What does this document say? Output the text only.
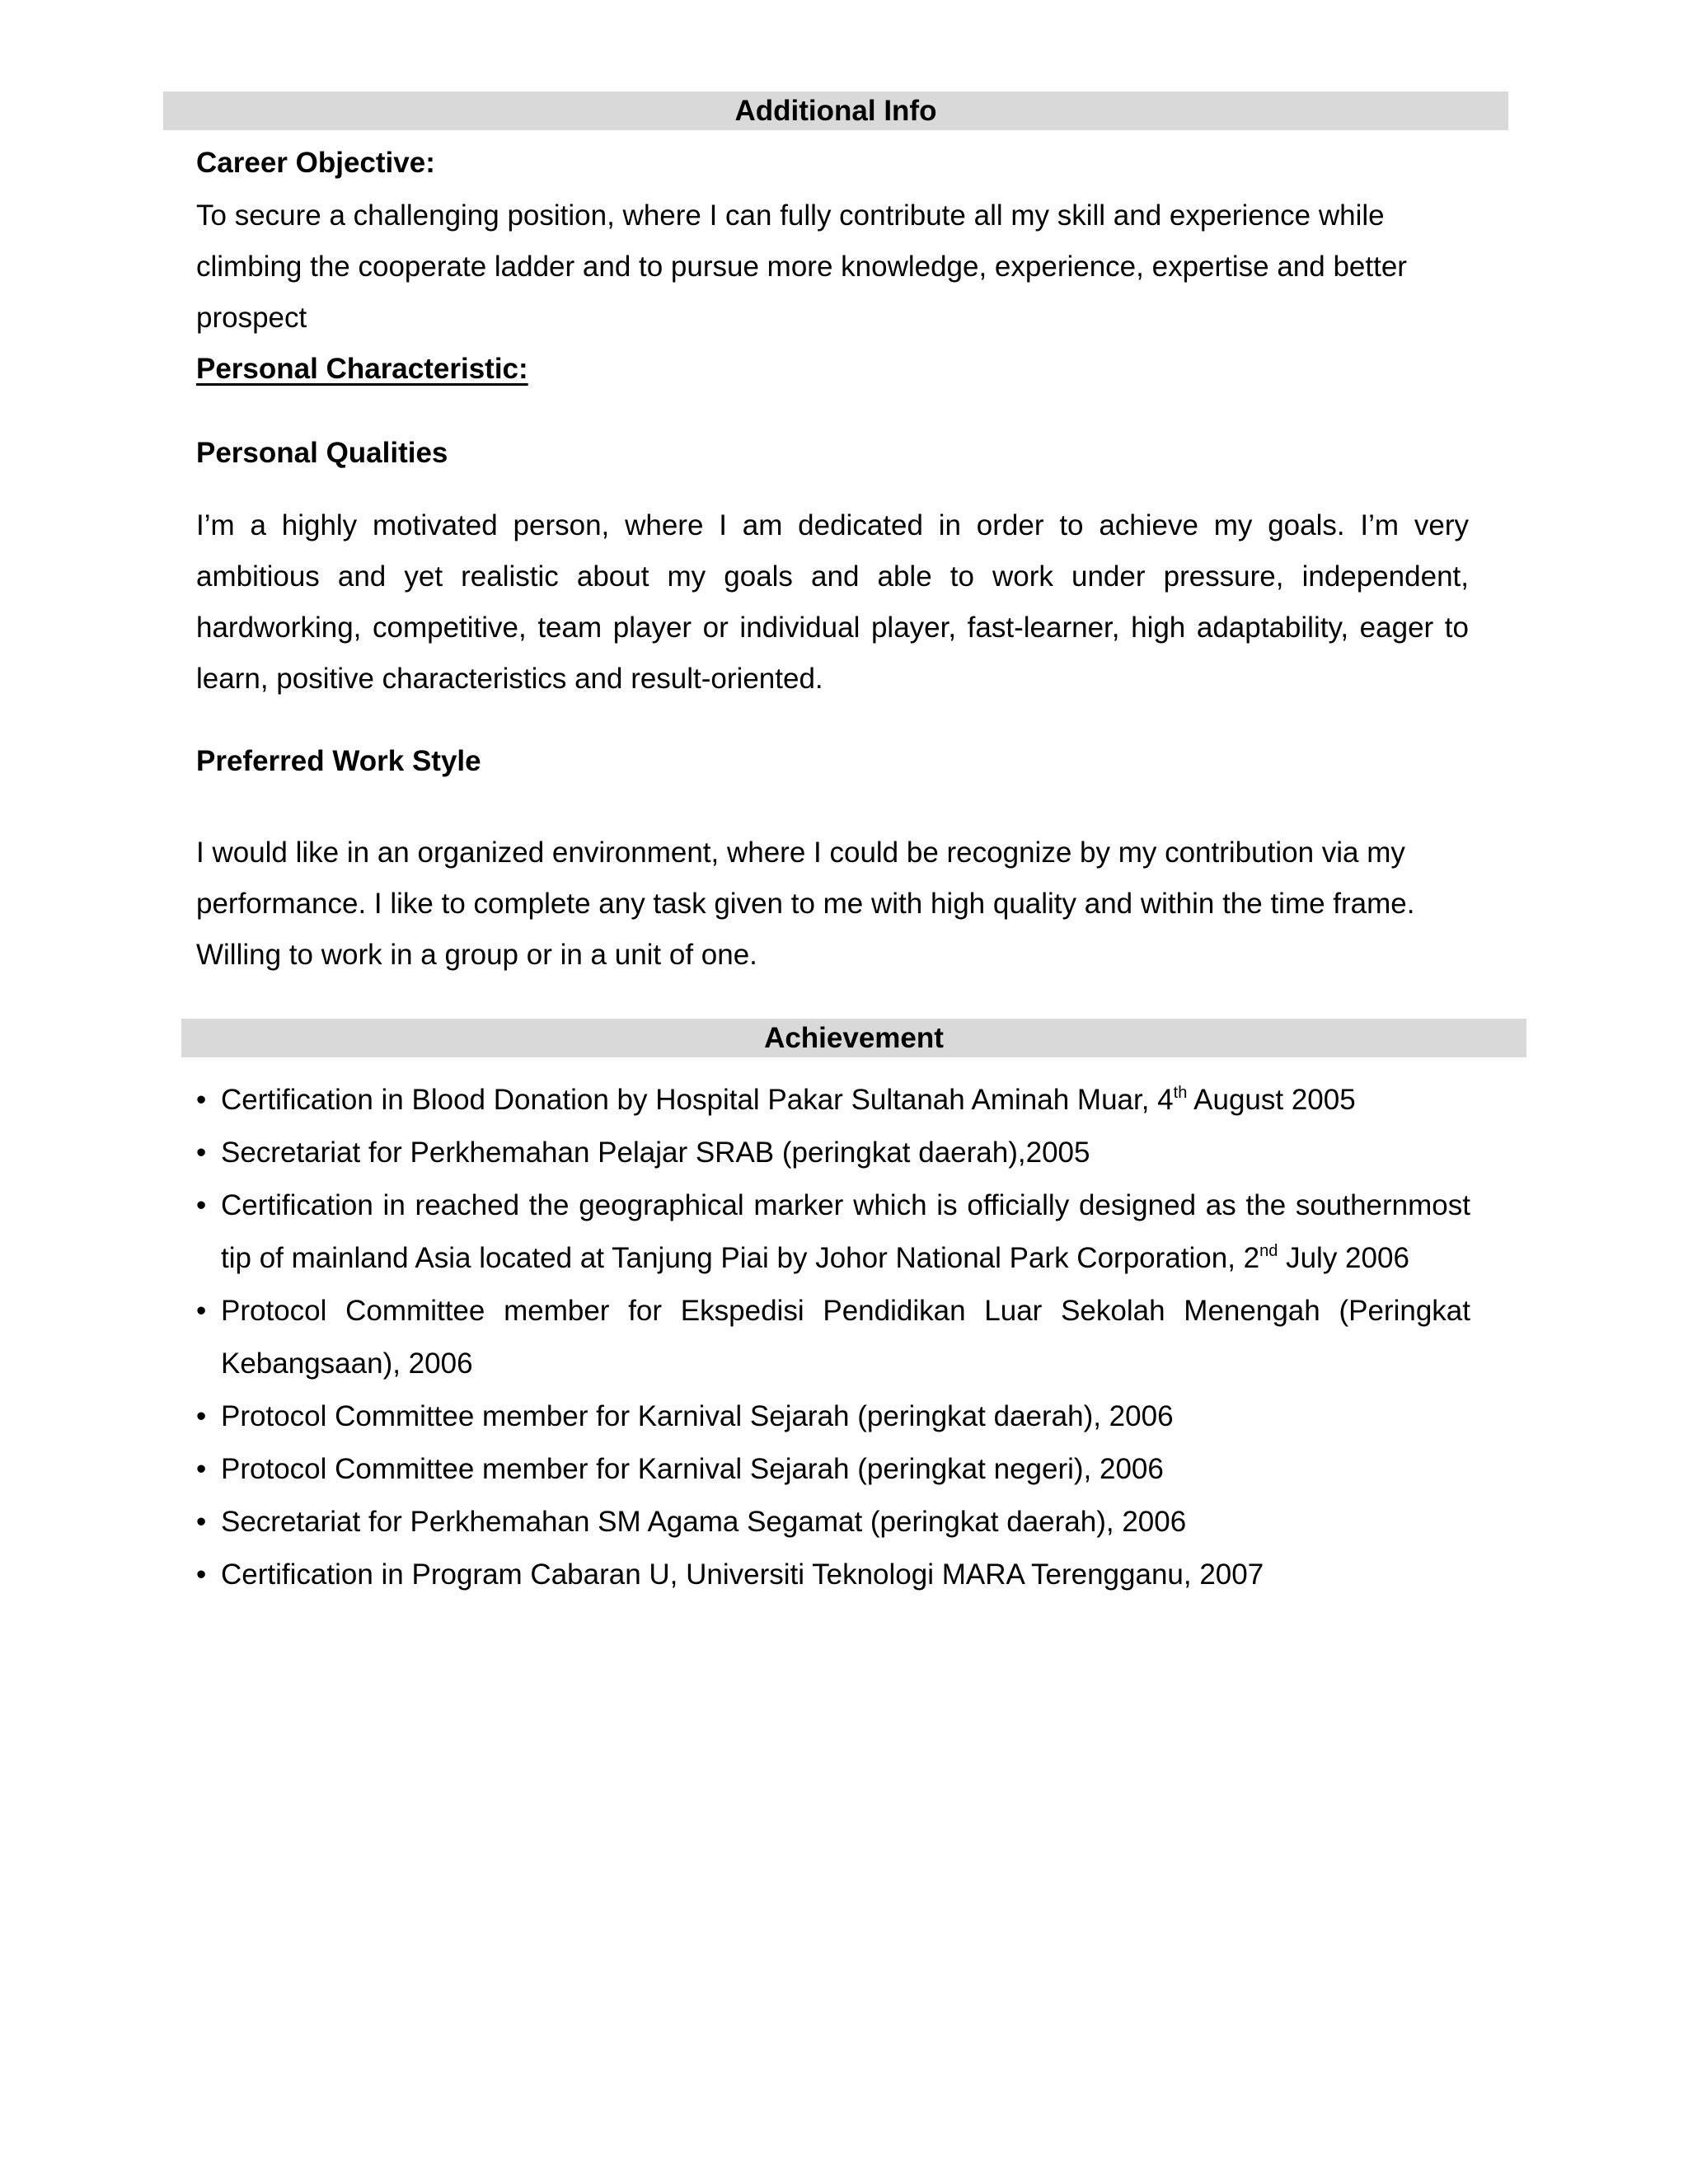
Additional Info
Career Objective:

To secure a challenging position, where I can fully contribute all my skill and experience while climbing the cooperate ladder and to pursue more knowledge, experience, expertise and better prospect

Personal Characteristic:
Personal Qualities

I’m a highly motivated person, where I am dedicated in order to achieve my goals. I’m very ambitious and yet realistic about my goals and able to work under pressure, independent, hardworking, competitive, team player or individual player, fast-learner, high adaptability, eager to learn, positive characteristics and result-oriented.

Preferred Work Style

I would like in an organized environment, where I could be recognize by my contribution via my performance. I like to complete any task given to me with high quality and within the time frame. Willing to work in a group or in a unit of one.

Achievement
• Certification in Blood Donation by Hospital Pakar Sultanah Aminah Muar, 4th August 2005
• Secretariat for Perkhemahan Pelajar SRAB (peringkat daerah),2005
• Certification in reached the geographical marker which is officially designed as the southernmost tip of mainland Asia located at Tanjung Piai by Johor National Park Corporation, 2nd July 2006
• Protocol Committee member for Ekspedisi Pendidikan Luar Sekolah Menengah (Peringkat Kebangsaan), 2006
• Protocol Committee member for Karnival Sejarah (peringkat daerah), 2006
• Protocol Committee member for Karnival Sejarah (peringkat negeri), 2006
• Secretariat for Perkhemahan SM Agama Segamat (peringkat daerah), 2006
• Certification in Program Cabaran U, Universiti Teknologi MARA Terengganu, 2007
